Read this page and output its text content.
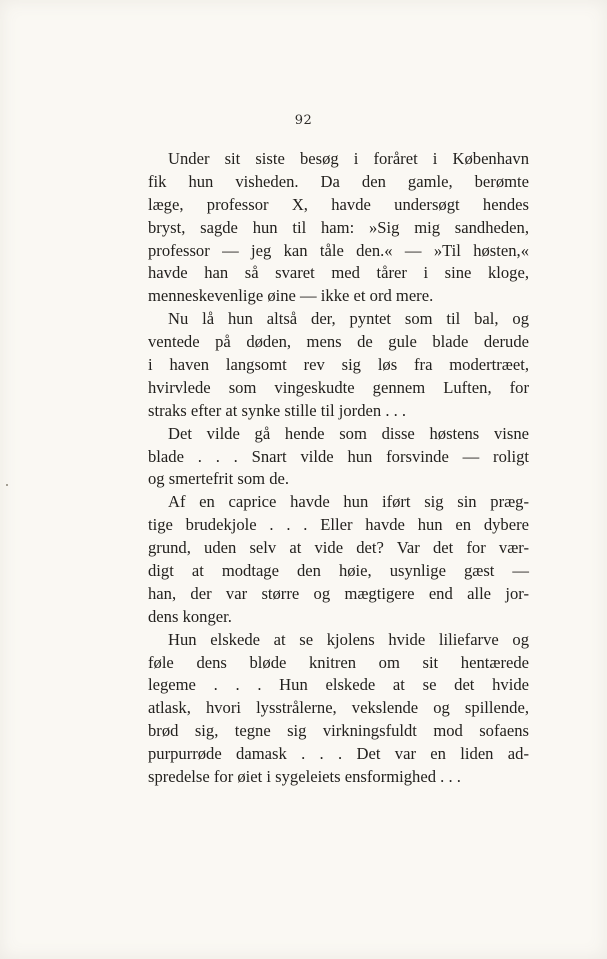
92
Under sit siste besøg i foråret i København
fik hun visheden. Da den gamle, berømte
læge, professor X, havde undersøgt hendes
bryst, sagde hun til ham: »Sig mig sandheden,
professor — jeg kan tåle den.« — »Til høsten,«
havde han så svaret med tårer i sine kloge,
menneskevenlige øine — ikke et ord mere.
Nu lå hun altså der, pyntet som til bal, og
ventede på døden, mens de gule blade derude
i haven langsomt rev sig løs fra modertræet,
hvirvlede som vingeskudte gennem Luften, for
straks efter at synke stille til jorden . . .
Det vilde gå hende som disse høstens visne
blade . . . Snart vilde hun forsvinde — roligt
og smertefrit som de.
Af en caprice havde hun iført sig sin præg-
tige brudekjole . . . Eller havde hun en dybere
grund, uden selv at vide det? Var det for vær-
digt at modtage den høie, usynlige gæst —
han, der var større og mægtigere end alle jor-
dens konger.
Hun elskede at se kjolens hvide liliefarve og
føle dens bløde knitren om sit hentærede
legeme . . . Hun elskede at se det hvide
atlask, hvori lysstrålerne, vekslende og spillende,
brød sig, tegne sig virkningsfuldt mod sofaens
purpurrøde damask . . . Det var en liden ad-
spredelse for øiet i sygeleiets ensformighed . . .
